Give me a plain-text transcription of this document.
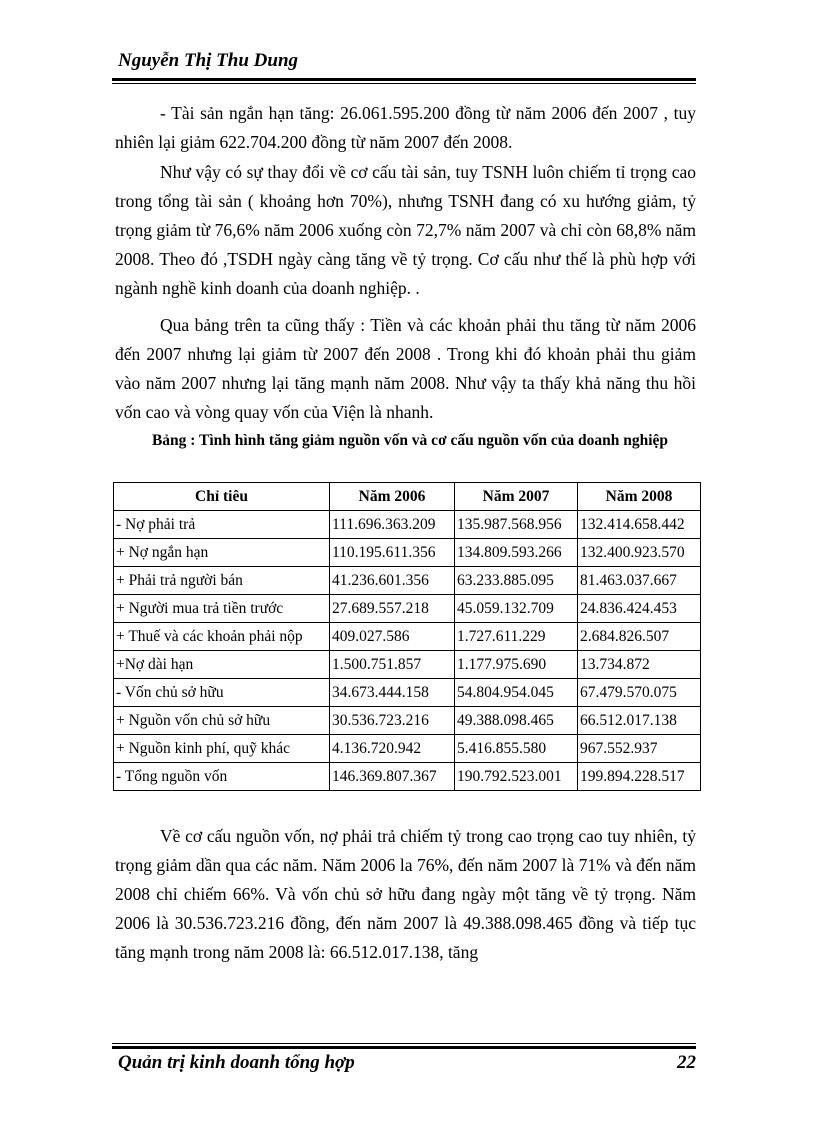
Nguyễn Thị Thu Dung

- Tài sản ngắn hạn tăng: 26.061.595.200 đồng từ năm 2006 đến 2007 , tuy nhiên lại giảm 622.704.200 đồng từ năm 2007 đến 2008.

Như vậy có sự thay đổi về cơ cấu tài sản, tuy TSNH luôn chiếm tỉ trọng cao trong tổng tài sản ( khoảng hơn 70%), nhưng TSNH đang có xu hướng giảm, tỷ trọng giảm từ 76,6% năm 2006 xuống còn 72,7% năm 2007 và chỉ còn 68,8% năm 2008. Theo đó ,TSDH ngày càng tăng về tỷ trọng. Cơ cấu như thế là phù hợp với ngành nghề kinh doanh của doanh nghiệp. .

Qua bảng trên ta cũng thấy : Tiền và các khoản phải thu tăng từ năm 2006 đến 2007 nhưng lại giảm từ 2007 đến 2008 . Trong khi đó khoản phải thu giảm vào năm 2007 nhưng lại tăng mạnh năm 2008. Như vậy ta thấy khả năng thu hồi vốn cao và vòng quay vốn của Viện là nhanh.

Bảng : Tình hình tăng giảm nguồn vốn và cơ cấu nguồn vốn của doanh nghiệp
Chỉ tiêu	Năm 2006	Năm 2007	Năm 2008
- Nợ phải trả	111.696.363.209	135.987.568.956	132.414.658.442
+ Nợ ngắn hạn	110.195.611.356	134.809.593.266	132.400.923.570
+ Phải trả người bán	41.236.601.356	63.233.885.095	81.463.037.667
+ Người mua trả tiền trước	27.689.557.218	45.059.132.709	24.836.424.453
+ Thuế và các khoản phải nộp	409.027.586	1.727.611.229	2.684.826.507
+Nợ dài hạn	1.500.751.857	1.177.975.690	13.734.872
- Vốn chủ sở hữu	34.673.444.158	54.804.954.045	67.479.570.075
+ Nguồn vốn chủ sở hữu	30.536.723.216	49.388.098.465	66.512.017.138
+ Nguồn kinh phí, quỹ khác	4.136.720.942	5.416.855.580	967.552.937
- Tổng nguồn vốn	146.369.807.367	190.792.523.001	199.894.228.517

Về cơ cấu nguồn vốn, nợ phải trả chiếm tỷ trong cao trọng cao tuy nhiên, tỷ trọng giảm dần qua các năm. Năm 2006 la 76%, đến năm 2007 là 71% và đến năm 2008 chỉ chiếm 66%. Và vốn chủ sở hữu đang ngày một tăng về tỷ trọng. Năm 2006 là 30.536.723.216 đồng, đến năm 2007 là 49.388.098.465 đồng và tiếp tục tăng mạnh trong năm 2008 là: 66.512.017.138, tăng

Quản trị kinh doanh tổng hợp	22
